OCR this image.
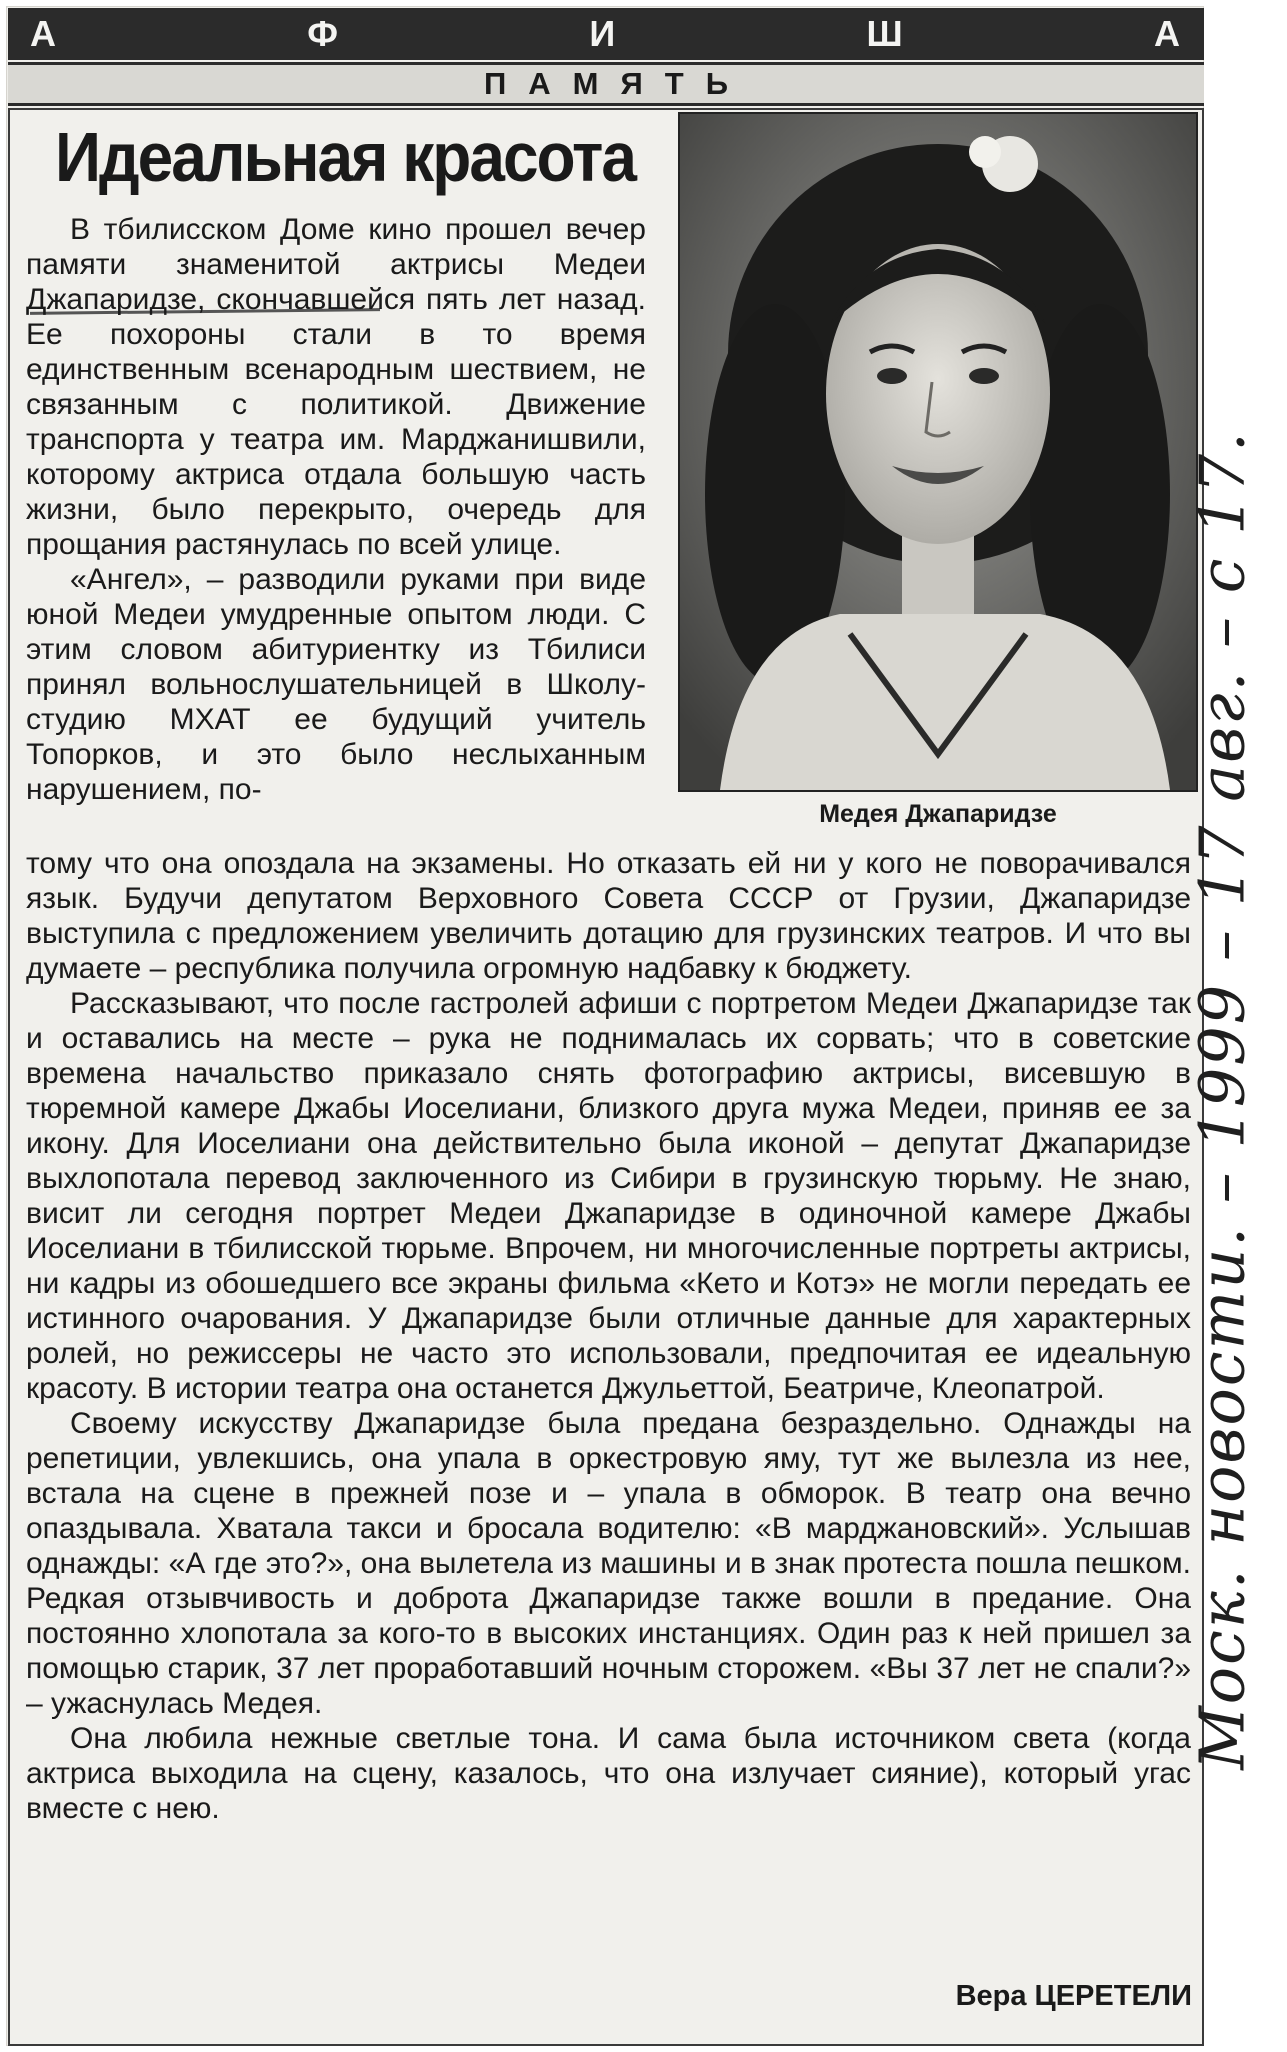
А	Ф	И	Ш	А
ПАМЯТЬ
Идеальная красота
Медея Джапаридзе

В тбилисском Доме кино прошел вечер памяти знаменитой актрисы Медеи Джапаридзе, скончавшейся пять лет назад. Ее похороны стали в то время единственным всенародным шествием, не связанным с политикой. Движение транспорта у театра им. Марджанишвили, которому актриса отдала большую часть жизни, было перекрыто, очередь для прощания растянулась по всей улице.

«Ангел», – разводили руками при виде юной Медеи умудренные опытом люди. С этим словом абитуриентку из Тбилиси принял вольнослушательницей в Школу-студию МХАТ ее будущий учитель Топорков, и это было неслыханным нарушением, по-

тому что она опоздала на экзамены. Но отказать ей ни у кого не поворачивался язык. Будучи депутатом Верховного Совета СССР от Грузии, Джапаридзе выступила с предложением увеличить дотацию для грузинских театров. И что вы думаете – республика получила огромную надбавку к бюджету.

Рассказывают, что после гастролей афиши с портретом Медеи Джапаридзе так и оставались на месте – рука не поднималась их сорвать; что в советские времена начальство приказало снять фотографию актрисы, висевшую в тюремной камере Джабы Иоселиани, близкого друга мужа Медеи, приняв ее за икону. Для Иоселиани она действительно была иконой – депутат Джапаридзе выхлопотала перевод заключенного из Сибири в грузинскую тюрьму. Не знаю, висит ли сегодня портрет Медеи Джапаридзе в одиночной камере Джабы Иоселиани в тбилисской тюрьме. Впрочем, ни многочисленные портреты актрисы, ни кадры из обошедшего все экраны фильма «Кето и Котэ» не могли передать ее истинного очарования. У Джапаридзе были отличные данные для характерных ролей, но режиссеры не часто это использовали, предпочитая ее идеальную красоту. В истории театра она останется Джульеттой, Беатриче, Клеопатрой.

Своему искусству Джапаридзе была предана безраздельно. Однажды на репетиции, увлекшись, она упала в оркестровую яму, тут же вылезла из нее, встала на сцене в прежней позе и – упала в обморок. В театр она вечно опаздывала. Хватала такси и бросала водителю: «В марджановский». Услышав однажды: «А где это?», она вылетела из машины и в знак протеста пошла пешком. Редкая отзывчивость и доброта Джапаридзе также вошли в предание. Она постоянно хлопотала за кого-то в высоких инстанциях. Один раз к ней пришел за помощью старик, 37 лет проработавший ночным сторожем. «Вы 37 лет не спали?» – ужаснулась Медея.

Она любила нежные светлые тона. И сама была источником света (когда актриса выходила на сцену, казалось, что она излучает сияние), который угас вместе с нею.

Вера ЦЕРЕТЕЛИ
Моск. новости. – 1999 – 17 авг. – с 17.
